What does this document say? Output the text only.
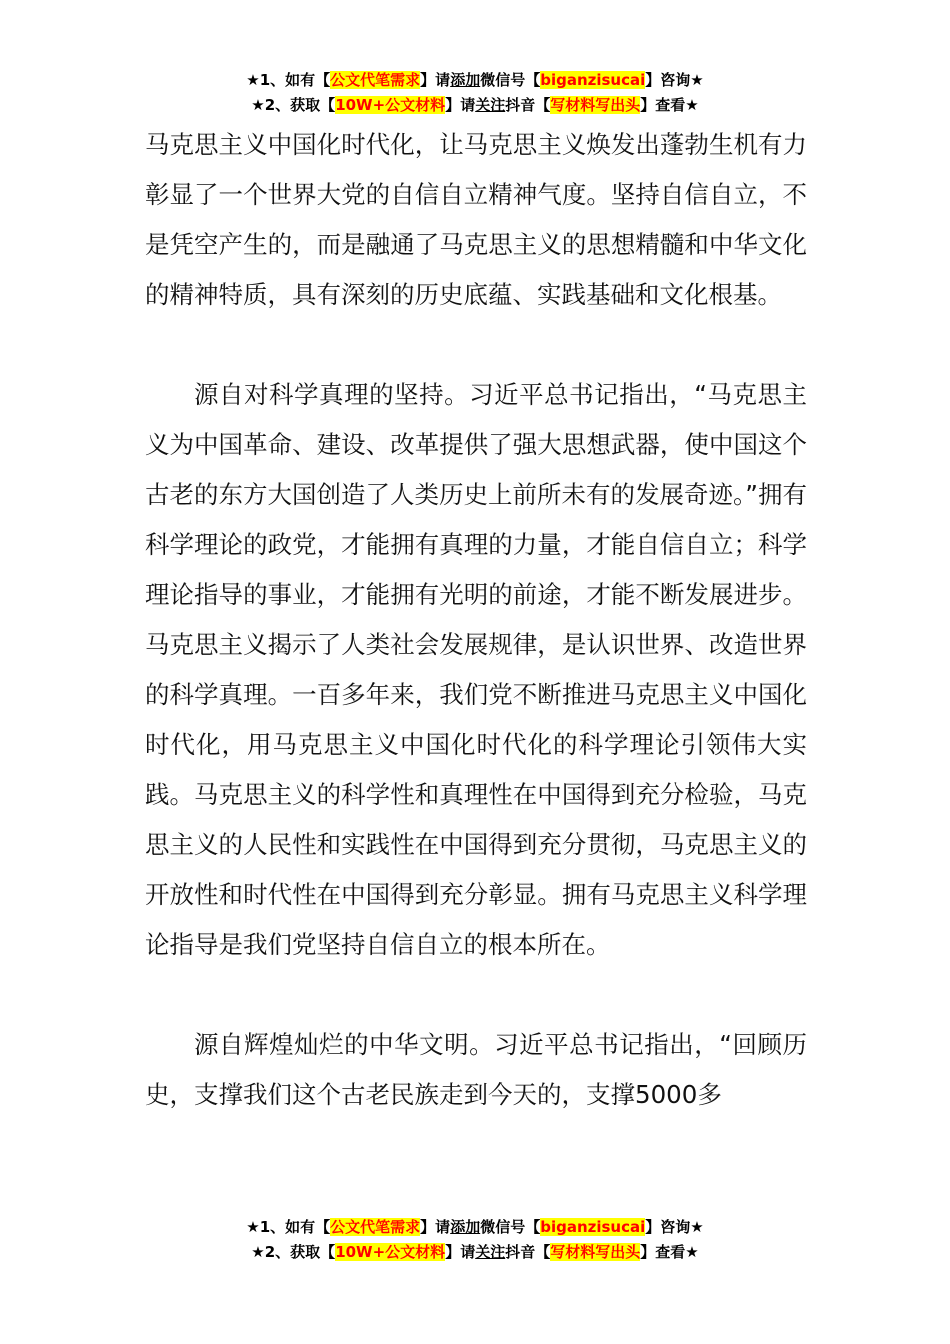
★1、如有【公文代笔需求】请添加微信号【biganzisucai】咨询★
★2、获取【10W+公文材料】请关注抖音【写材料写出头】查看★

马克思主义中国化时代化，让马克思主义焕发出蓬勃生机有力彰显了一个世界大党的自信自立精神气度。坚持自信自立，不是凭空产生的，而是融通了马克思主义的思想精髓和中华文化的精神特质，具有深刻的历史底蕴、实践基础和文化根基。

源自对科学真理的坚持。习近平总书记指出，“马克思主义为中国革命、建设、改革提供了强大思想武器，使中国这个古老的东方大国创造了人类历史上前所未有的发展奇迹。”拥有科学理论的政党，才能拥有真理的力量，才能自信自立；科学理论指导的事业，才能拥有光明的前途，才能不断发展进步。马克思主义揭示了人类社会发展规律，是认识世界、改造世界的科学真理。一百多年来，我们党不断推进马克思主义中国化时代化，用马克思主义中国化时代化的科学理论引领伟大实践。马克思主义的科学性和真理性在中国得到充分检验，马克思主义的人民性和实践性在中国得到充分贯彻，马克思主义的开放性和时代性在中国得到充分彰显。拥有马克思主义科学理论指导是我们党坚持自信自立的根本所在。

源自辉煌灿烂的中华文明。习近平总书记指出，“回顾历史，支撑我们这个古老民族走到今天的，支撑5000多

★1、如有【公文代笔需求】请添加微信号【biganzisucai】咨询★
★2、获取【10W+公文材料】请关注抖音【写材料写出头】查看★
